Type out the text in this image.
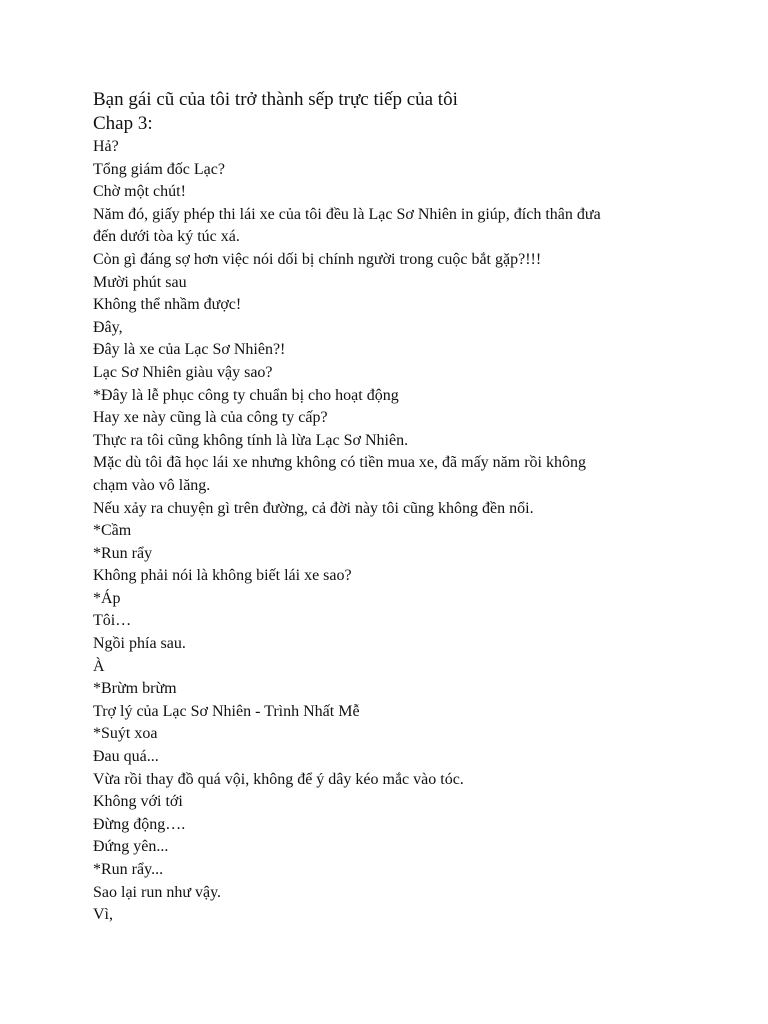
Bạn gái cũ của tôi trở thành sếp trực tiếp của tôi
Chap 3:
Hả?
Tổng giám đốc Lạc?
Chờ một chút!
Năm đó, giấy phép thi lái xe của tôi đều là Lạc Sơ Nhiên in giúp, đích thân đưa
đến dưới tòa ký túc xá.
Còn gì đáng sợ hơn việc nói dối bị chính người trong cuộc bắt gặp?!!!
Mười phút sau
Không thể nhầm được!
Đây,
Đây là xe của Lạc Sơ Nhiên?!
Lạc Sơ Nhiên giàu vậy sao?
*Đây là lễ phục công ty chuẩn bị cho hoạt động
Hay xe này cũng là của công ty cấp?
Thực ra tôi cũng không tính là lừa Lạc Sơ Nhiên.
Mặc dù tôi đã học lái xe nhưng không có tiền mua xe, đã mấy năm rồi không
chạm vào vô lăng.
Nếu xảy ra chuyện gì trên đường, cả đời này tôi cũng không đền nổi.
*Cầm
*Run rẩy
Không phải nói là không biết lái xe sao?
*Áp
Tôi…
Ngồi phía sau.
À
*Brừm brừm
Trợ lý của Lạc Sơ Nhiên - Trình Nhất Mễ
*Suýt xoa
Đau quá...
Vừa rồi thay đồ quá vội, không để ý dây kéo mắc vào tóc.
Không với tới
Đừng động….
Đứng yên...
*Run rẩy...
Sao lại run như vậy.
Vì,
